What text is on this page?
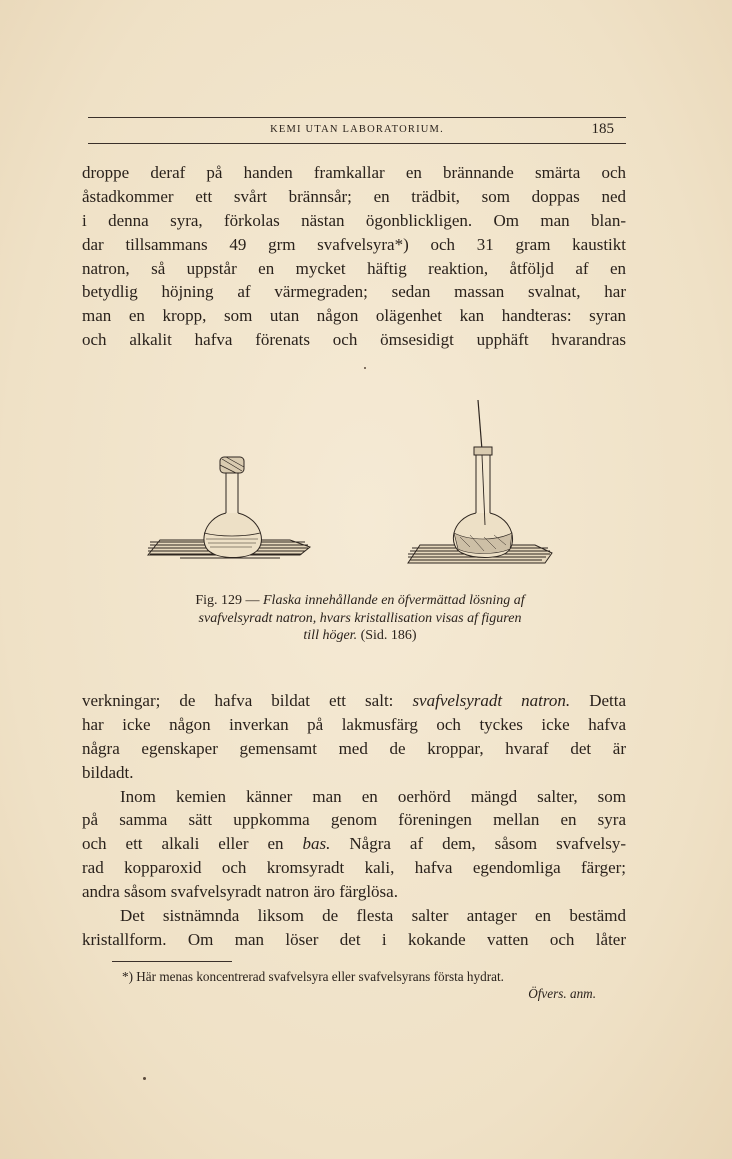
KEMI UTAN LABORATORIUM.	185
droppe deraf på handen framkallar en brännande smärta och
åstadkommer ett svårt brännsår; en trädbit, som doppas ned
i denna syra, förkolas nästan ögonblickligen. Om man blan-
dar tillsammans 49 grm svafvelsyra*) och 31 gram kaustikt
natron, så uppstår en mycket häftig reaktion, åtföljd af en
betydlig höjning af värmegraden; sedan massan svalnat, har
man en kropp, som utan någon olägenhet kan handteras: syran
och alkalit hafva förenats och ömsesidigt upphäft hvarandras
Fig. 129 — Flaska innehållande en öfvermättad lösning af
svafvelsyradt natron, hvars kristallisation visas af figuren
till höger. (Sid. 186)
verkningar; de hafva bildat ett salt: svafvelsyradt natron. Detta
har icke någon inverkan på lakmusfärg och tyckes icke hafva
några egenskaper gemensamt med de kroppar, hvaraf det är
bildadt.
Inom kemien känner man en oerhörd mängd salter, som
på samma sätt uppkomma genom föreningen mellan en syra
och ett alkali eller en bas. Några af dem, såsom svafvelsy-
rad kopparoxid och kromsyradt kali, hafva egendomliga färger;
andra såsom svafvelsyradt natron äro färglösa.
Det sistnämnda liksom de flesta salter antager en bestämd
kristallform. Om man löser det i kokande vatten och låter
*) Här menas koncentrerad svafvelsyra eller svafvelsyrans första hydrat.
Öfvers. anm.
